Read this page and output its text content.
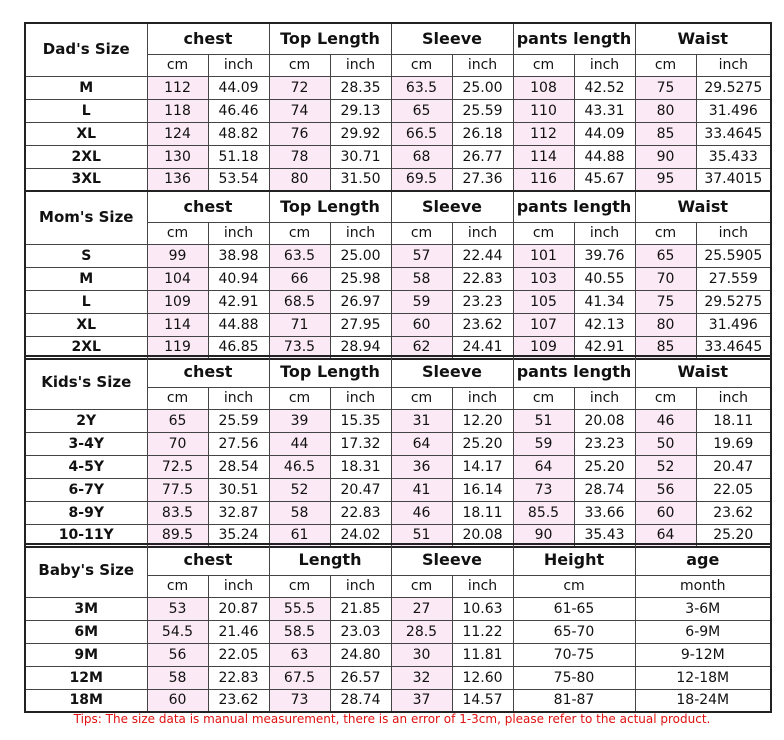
Dad's Size	chest		Top Length		Sleeve		pants length		Waist	
	cm	inch	cm	inch	cm	inch	cm	inch	cm	inch
M	112	44.09	72	28.35	63.5	25.00	108	42.52	75	29.5275
L	118	46.46	74	29.13	65	25.59	110	43.31	80	31.496
XL	124	48.82	76	29.92	66.5	26.18	112	44.09	85	33.4645
2XL	130	51.18	78	30.71	68	26.77	114	44.88	90	35.433
3XL	136	53.54	80	31.50	69.5	27.36	116	45.67	95	37.4015
Mom's Size	chest		Top Length		Sleeve		pants length		Waist	
	cm	inch	cm	inch	cm	inch	cm	inch	cm	inch
S	99	38.98	63.5	25.00	57	22.44	101	39.76	65	25.5905
M	104	40.94	66	25.98	58	22.83	103	40.55	70	27.559
L	109	42.91	68.5	26.97	59	23.23	105	41.34	75	29.5275
XL	114	44.88	71	27.95	60	23.62	107	42.13	80	31.496
2XL	119	46.85	73.5	28.94	62	24.41	109	42.91	85	33.4645
Kids's Size	chest		Top Length		Sleeve		pants length		Waist	
	cm	inch	cm	inch	cm	inch	cm	inch	cm	inch
2Y	65	25.59	39	15.35	31	12.20	51	20.08	46	18.11
3-4Y	70	27.56	44	17.32	64	25.20	59	23.23	50	19.69
4-5Y	72.5	28.54	46.5	18.31	36	14.17	64	25.20	52	20.47
6-7Y	77.5	30.51	52	20.47	41	16.14	73	28.74	56	22.05
8-9Y	83.5	32.87	58	22.83	46	18.11	85.5	33.66	60	23.62
10-11Y	89.5	35.24	61	24.02	51	20.08	90	35.43	64	25.20
Baby's Size	chest		Length		Sleeve		Height	age
	cm	inch	cm	inch	cm	inch	cm	month
3M	53	20.87	55.5	21.85	27	10.63	61-65	3-6M
6M	54.5	21.46	58.5	23.03	28.5	11.22	65-70	6-9M
9M	56	22.05	63	24.80	30	11.81	70-75	9-12M
12M	58	22.83	67.5	26.57	32	12.60	75-80	12-18M
18M	60	23.62	73	28.74	37	14.57	81-87	18-24M
Tips: The size data is manual measurement, there is an error of 1-3cm, please refer to the actual product.
